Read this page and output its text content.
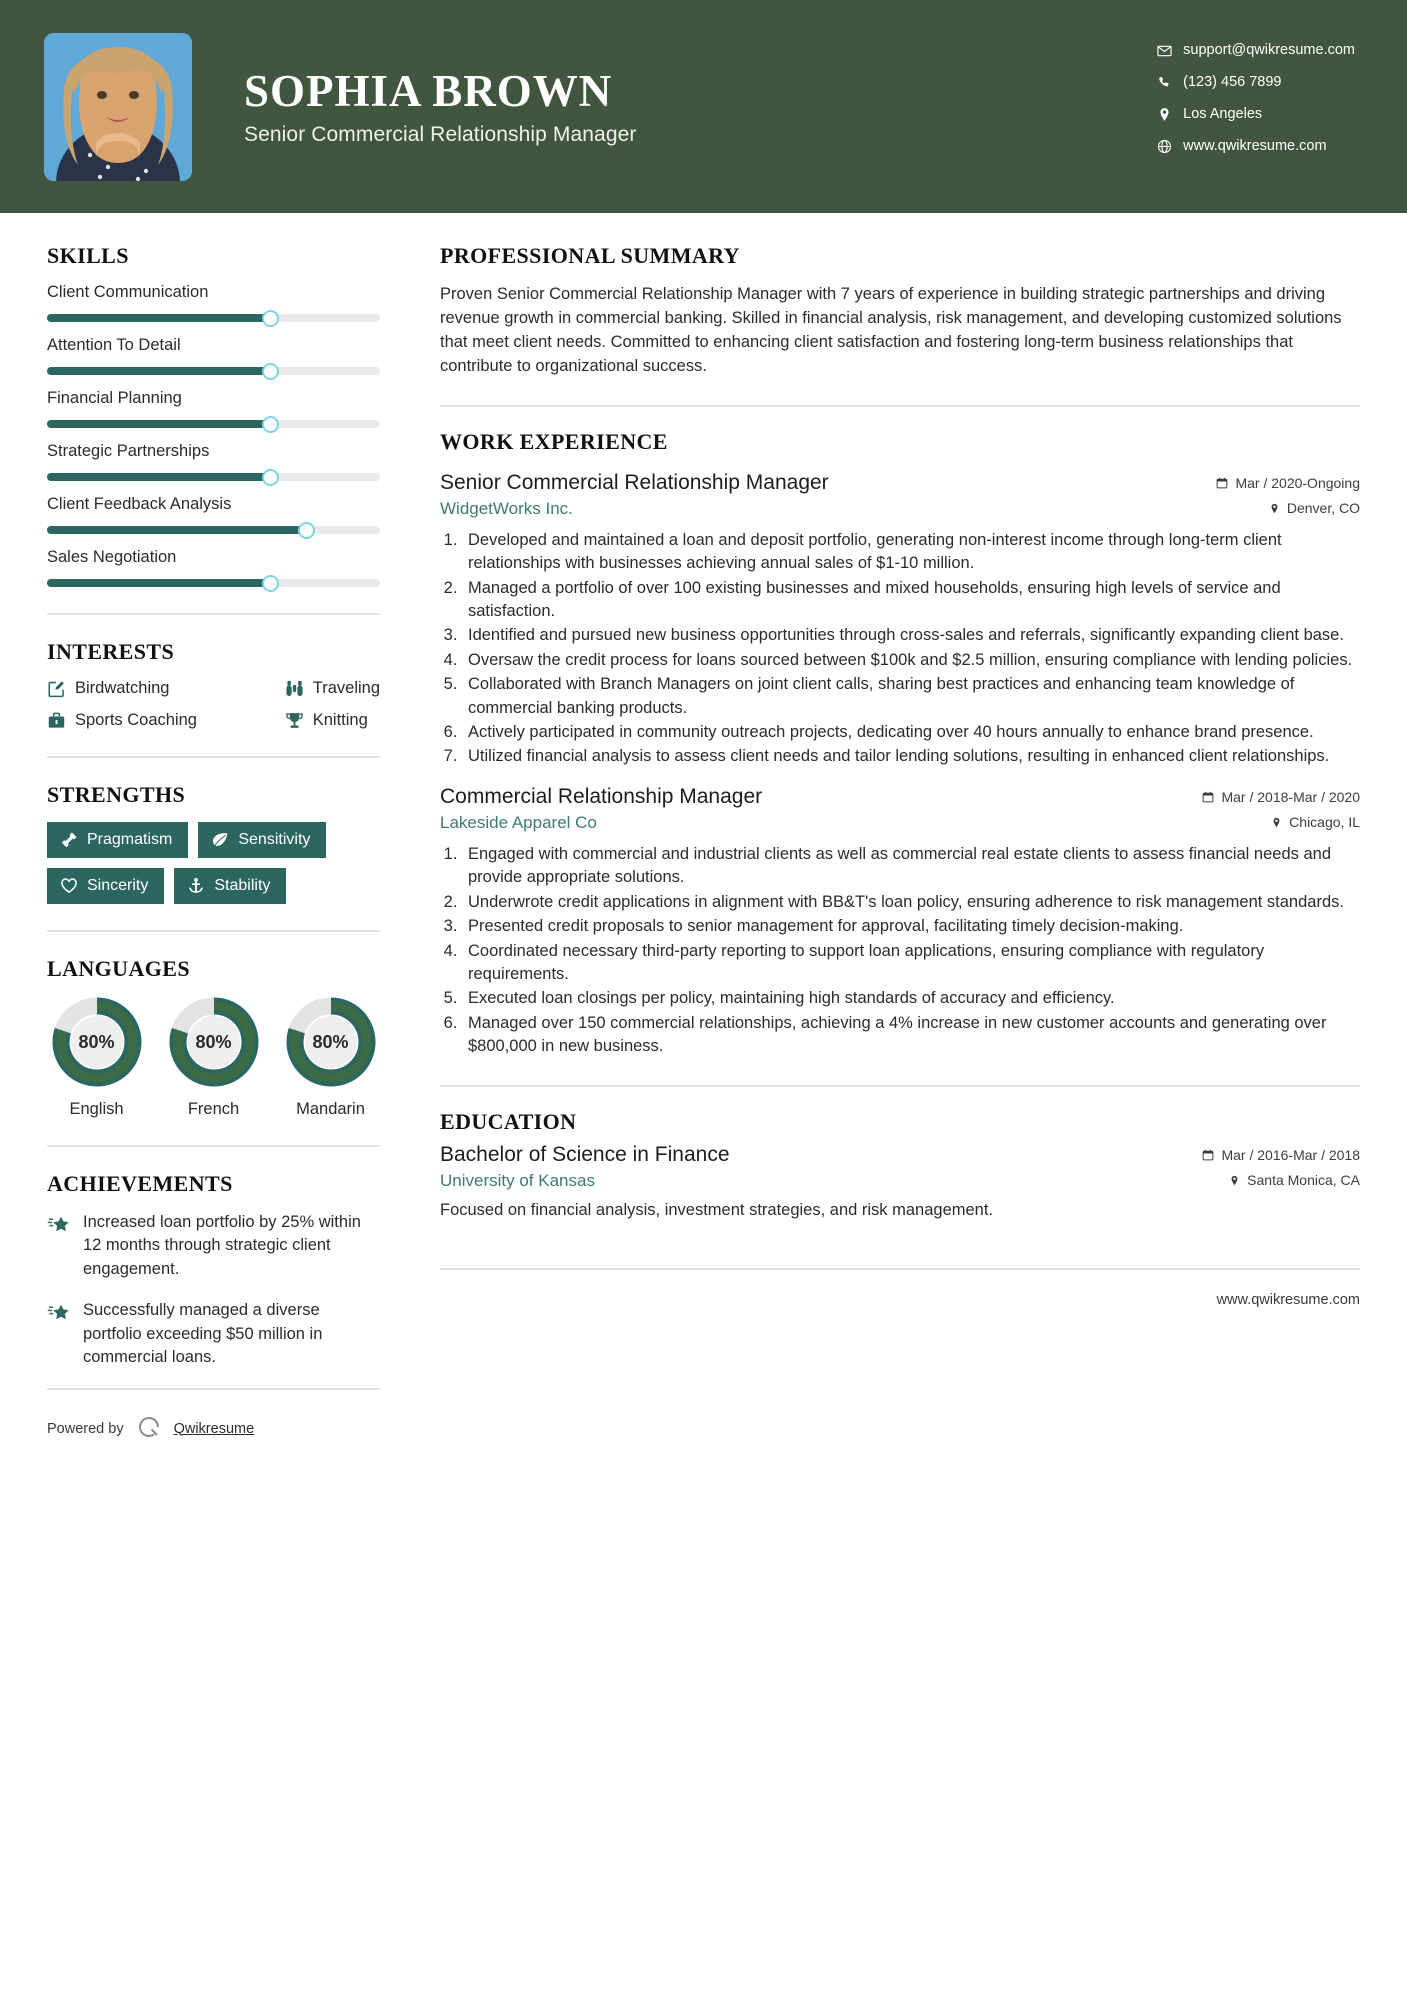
SOPHIA BROWN
Senior Commercial Relationship Manager
support@qwikresume.com
(123) 456 7899
Los Angeles
www.qwikresume.com
SKILLS
Client Communication
Attention To Detail
Financial Planning
Strategic Partnerships
Client Feedback Analysis
Sales Negotiation
INTERESTS
Birdwatching	Traveling
Sports Coaching	Knitting
STRENGTHS
Pragmatism	Sensitivity
Sincerity	Stability
LANGUAGES
80%
English
80%
French
80%
Mandarin
ACHIEVEMENTS
Increased loan portfolio by 25% within 12 months through strategic client engagement.
Successfully managed a diverse portfolio exceeding $50 million in commercial loans.
Powered by	Qwikresume
PROFESSIONAL SUMMARY
Proven Senior Commercial Relationship Manager with 7 years of experience in building strategic partnerships and driving revenue growth in commercial banking. Skilled in financial analysis, risk management, and developing customized solutions that meet client needs. Committed to enhancing client satisfaction and fostering long-term business relationships that contribute to organizational success.
WORK EXPERIENCE
Senior Commercial Relationship Manager	Mar / 2020-Ongoing
WidgetWorks Inc.	Denver, CO
1. Developed and maintained a loan and deposit portfolio, generating non-interest income through long-term client relationships with businesses achieving annual sales of $1-10 million.
2. Managed a portfolio of over 100 existing businesses and mixed households, ensuring high levels of service and satisfaction.
3. Identified and pursued new business opportunities through cross-sales and referrals, significantly expanding client base.
4. Oversaw the credit process for loans sourced between $100k and $2.5 million, ensuring compliance with lending policies.
5. Collaborated with Branch Managers on joint client calls, sharing best practices and enhancing team knowledge of commercial banking products.
6. Actively participated in community outreach projects, dedicating over 40 hours annually to enhance brand presence.
7. Utilized financial analysis to assess client needs and tailor lending solutions, resulting in enhanced client relationships.
Commercial Relationship Manager	Mar / 2018-Mar / 2020
Lakeside Apparel Co	Chicago, IL
1. Engaged with commercial and industrial clients as well as commercial real estate clients to assess financial needs and provide appropriate solutions.
2. Underwrote credit applications in alignment with BB&T's loan policy, ensuring adherence to risk management standards.
3. Presented credit proposals to senior management for approval, facilitating timely decision-making.
4. Coordinated necessary third-party reporting to support loan applications, ensuring compliance with regulatory requirements.
5. Executed loan closings per policy, maintaining high standards of accuracy and efficiency.
6. Managed over 150 commercial relationships, achieving a 4% increase in new customer accounts and generating over $800,000 in new business.
EDUCATION
Bachelor of Science in Finance	Mar / 2016-Mar / 2018
University of Kansas	Santa Monica, CA
Focused on financial analysis, investment strategies, and risk management.
www.qwikresume.com
